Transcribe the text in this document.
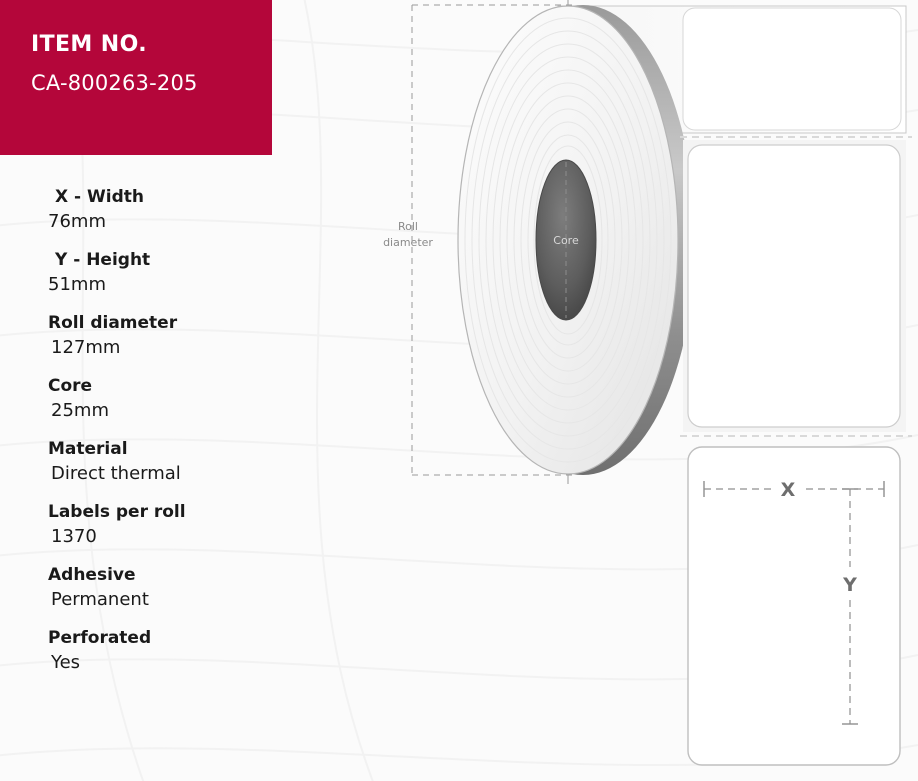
ITEM NO.
CA-800263-205
X - Width
76mm
Y - Height
51mm
Roll diameter
127mm
Core
25mm
Material
Direct thermal
Labels per roll
1370
Adhesive
Permanent
Perforated
Yes
Roll
diameter	Core
X
Y
